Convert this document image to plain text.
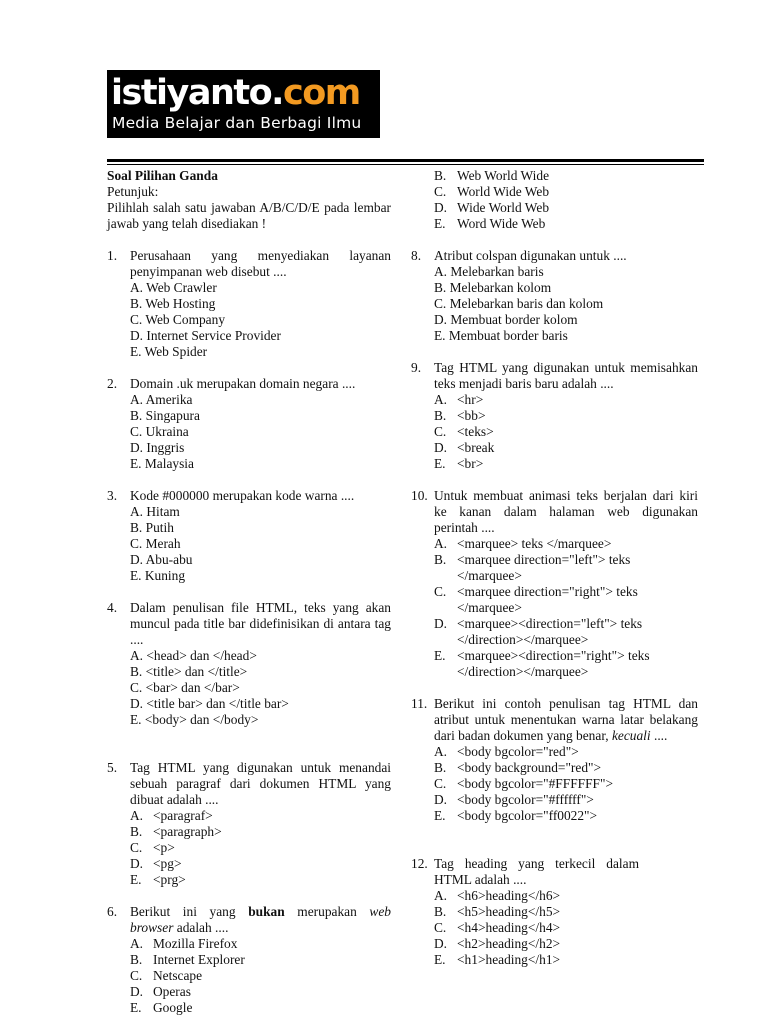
istiyanto.com
Media Belajar dan Berbagi Ilmu
Soal Pilihan Ganda
Petunjuk:
Pilihlah salah satu jawaban A/B/C/D/E pada lembar jawab yang telah disediakan !
1. Perusahaan yang menyediakan layanan penyimpanan web disebut ....
A. Web Crawler
B. Web Hosting
C. Web Company
D. Internet Service Provider
E. Web Spider
2. Domain .uk merupakan domain negara ....
A. Amerika
B. Singapura
C. Ukraina
D. Inggris
E. Malaysia
3. Kode #000000 merupakan kode warna ....
A. Hitam
B. Putih
C. Merah
D. Abu-abu
E. Kuning
4. Dalam penulisan file HTML, teks yang akan muncul pada title bar didefinisikan di antara tag ....
A. <head> dan </head>
B. <title> dan </title>
C. <bar> dan </bar>
D. <title bar> dan </title bar>
E. <body> dan </body>
5. Tag HTML yang digunakan untuk menandai sebuah paragraf dari dokumen HTML yang dibuat adalah ....
A. <paragraf>
B. <paragraph>
C. <p>
D. <pg>
E. <prg>
6. Berikut ini yang bukan merupakan web browser adalah ....
A. Mozilla Firefox
B. Internet Explorer
C. Netscape
D. Operas
E. Google
B. Web World Wide
C. World Wide Web
D. Wide World Web
E. Word Wide Web
8. Atribut colspan digunakan untuk ....
A. Melebarkan baris
B. Melebarkan kolom
C. Melebarkan baris dan kolom
D. Membuat border kolom
E. Membuat border baris
9. Tag HTML yang digunakan untuk memisahkan teks menjadi baris baru adalah ....
A. <hr>
B. <bb>
C. <teks>
D. <break
E. <br>
10. Untuk membuat animasi teks berjalan dari kiri ke kanan dalam halaman web digunakan perintah ....
A. <marquee> teks </marquee>
B. <marquee direction="left"> teks </marquee>
C. <marquee direction="right"> teks </marquee>
D. <marquee><direction="left"> teks </direction></marquee>
E. <marquee><direction="right"> teks </direction></marquee>
11. Berikut ini contoh penulisan tag HTML dan atribut untuk menentukan warna latar belakang dari badan dokumen yang benar, kecuali ....
A. <body bgcolor="red">
B. <body background="red">
C. <body bgcolor="#FFFFFF">
D. <body bgcolor="#ffffff">
E. <body bgcolor="ff0022">
12. Tag heading yang terkecil dalam HTML adalah ....
A. <h6>heading</h6>
B. <h5>heading</h5>
C. <h4>heading</h4>
D. <h2>heading</h2>
E. <h1>heading</h1>
